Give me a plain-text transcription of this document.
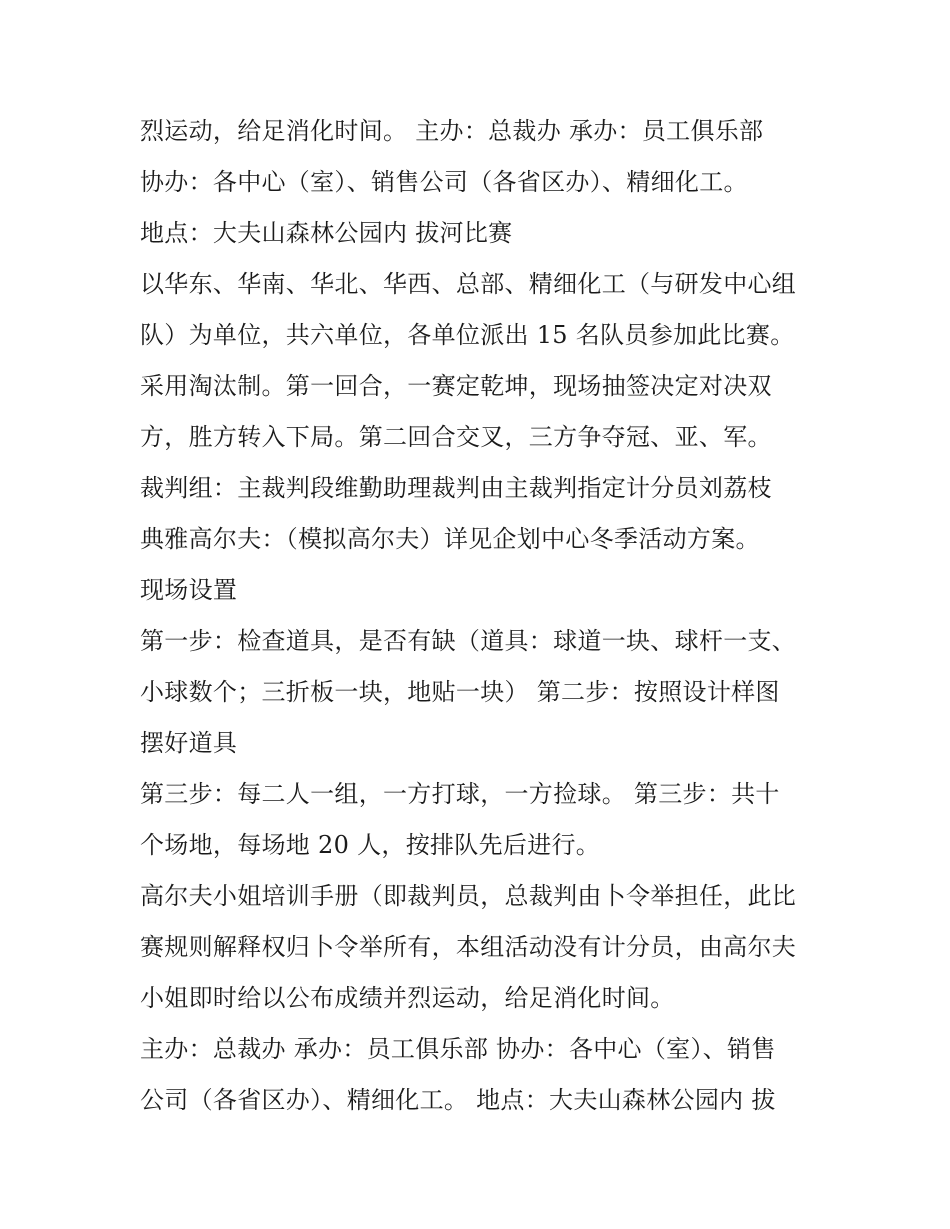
烈运动，给足消化时间。 主办：总裁办 承办：员工俱乐部
协办：各中心（室）、销售公司（各省区办）、精细化工。
地点：大夫山森林公园内 拔河比赛
以华东、华南、华北、华西、总部、精细化工（与研发中心组
队）为单位，共六单位，各单位派出 15 名队员参加此比赛。
采用淘汰制。第一回合，一赛定乾坤，现场抽签决定对决双
方，胜方转入下局。第二回合交叉，三方争夺冠、亚、军。
裁判组：主裁判段维勤助理裁判由主裁判指定计分员刘荔枝
典雅高尔夫：（模拟高尔夫）详见企划中心冬季活动方案。
现场设置
第一步：检查道具，是否有缺（道具：球道一块、球杆一支、
小球数个；三折板一块，地贴一块） 第二步：按照设计样图
摆好道具
第三步：每二人一组，一方打球，一方捡球。 第三步：共十
个场地，每场地 20 人，按排队先后进行。
高尔夫小姐培训手册（即裁判员，总裁判由卜令举担任，此比
赛规则解释权归卜令举所有，本组活动没有计分员，由高尔夫
小姐即时给以公布成绩并烈运动，给足消化时间。
主办：总裁办 承办：员工俱乐部 协办：各中心（室）、销售
公司（各省区办）、精细化工。 地点：大夫山森林公园内 拔
